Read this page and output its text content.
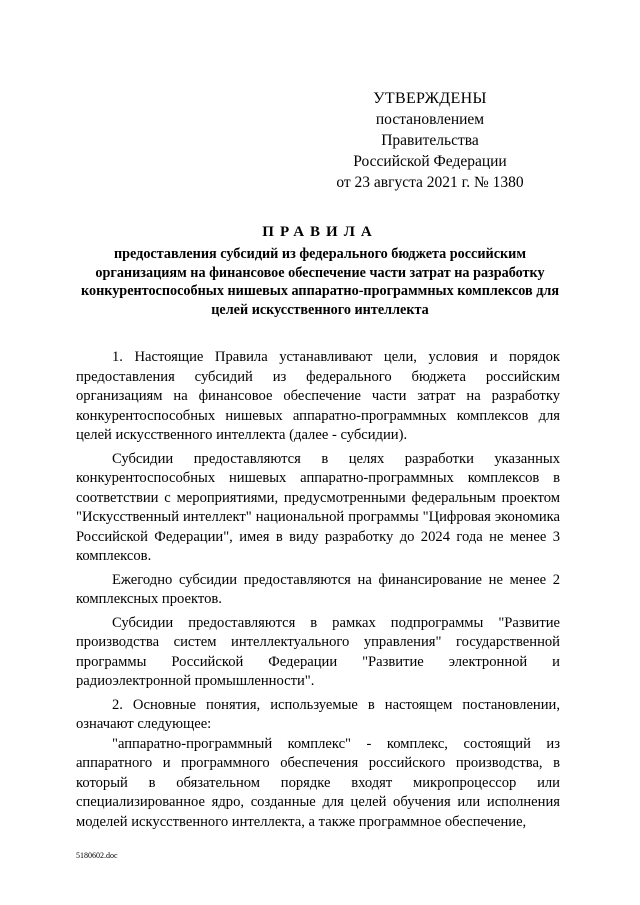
УТВЕРЖДЕНЫ
постановлением Правительства
Российской Федерации
от 23 августа 2021 г. № 1380
ПРАВИЛА
предоставления субсидий из федерального бюджета российским организациям на финансовое обеспечение части затрат на разработку конкурентоспособных нишевых аппаратно-программных комплексов для целей искусственного интеллекта

1. Настоящие Правила устанавливают цели, условия и порядок предоставления субсидий из федерального бюджета российским организациям на финансовое обеспечение части затрат на разработку конкурентоспособных нишевых аппаратно-программных комплексов для целей искусственного интеллекта (далее - субсидии).

Субсидии предоставляются в целях разработки указанных конкурентоспособных нишевых аппаратно-программных комплексов в соответствии с мероприятиями, предусмотренными федеральным проектом "Искусственный интеллект" национальной программы "Цифровая экономика Российской Федерации", имея в виду разработку до 2024 года не менее 3 комплексов.

Ежегодно субсидии предоставляются на финансирование не менее 2 комплексных проектов.

Субсидии предоставляются в рамках подпрограммы "Развитие производства систем интеллектуального управления" государственной программы Российской Федерации "Развитие электронной и радиоэлектронной промышленности".

2. Основные понятия, используемые в настоящем постановлении, означают следующее:

"аппаратно-программный комплекс" - комплекс, состоящий из аппаратного и программного обеспечения российского производства, в который в обязательном порядке входят микропроцессор или специализированное ядро, созданные для целей обучения или исполнения моделей искусственного интеллекта, а также программное обеспечение,

5180602.doc
